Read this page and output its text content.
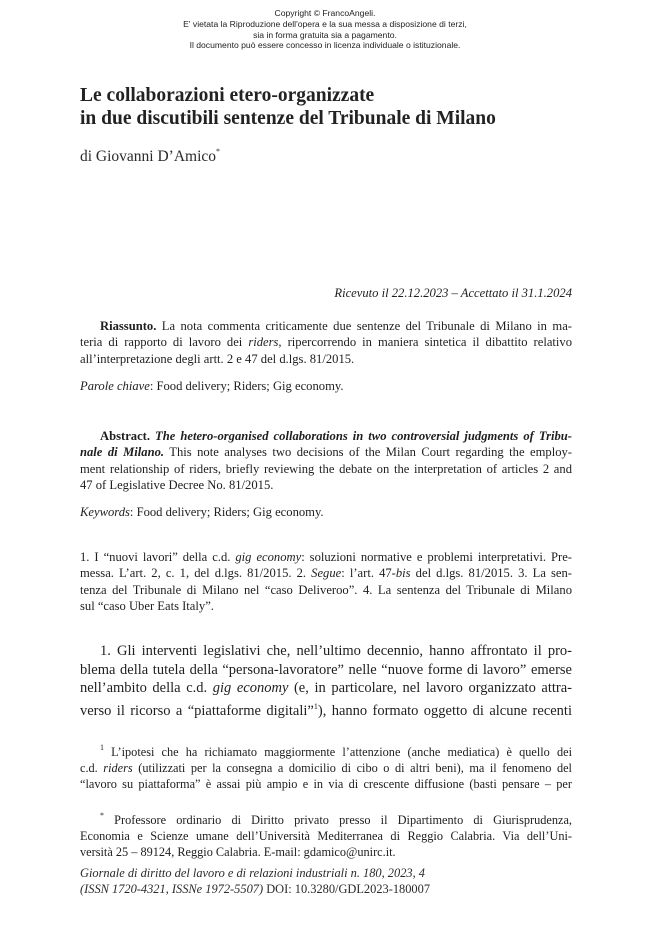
Copyright © FrancoAngeli.
E' vietata la Riproduzione dell'opera e la sua messa a disposizione di terzi,
sia in forma gratuita sia a pagamento.
Il documento può essere concesso in licenza individuale o istituzionale.
Le collaborazioni etero-organizzate
in due discutibili sentenze del Tribunale di Milano
di Giovanni D’Amico*
Ricevuto il 22.12.2023 – Accettato il 31.1.2024
Riassunto. La nota commenta criticamente due sentenze del Tribunale di Milano in ma-
teria di rapporto di lavoro dei riders, ripercorrendo in maniera sintetica il dibattito relativo
all’interpretazione degli artt. 2 e 47 del d.lgs. 81/2015.
Parole chiave: Food delivery; Riders; Gig economy.
Abstract. The hetero-organised collaborations in two controversial judgments of Tribu-
nale di Milano. This note analyses two decisions of the Milan Court regarding the employ-
ment relationship of riders, briefly reviewing the debate on the interpretation of articles 2 and
47 of Legislative Decree No. 81/2015.
Keywords: Food delivery; Riders; Gig economy.
1. I “nuovi lavori” della c.d. gig economy: soluzioni normative e problemi interpretativi. Pre-
messa. L’art. 2, c. 1, del d.lgs. 81/2015. 2. Segue: l’art. 47-bis del d.lgs. 81/2015. 3. La sen-
tenza del Tribunale di Milano nel “caso Deliveroo”. 4. La sentenza del Tribunale di Milano
sul “caso Uber Eats Italy”.
1. Gli interventi legislativi che, nell’ultimo decennio, hanno affrontato il pro-
blema della tutela della “persona-lavoratore” nelle “nuove forme di lavoro” emerse
nell’ambito della c.d. gig economy (e, in particolare, nel lavoro organizzato attra-
verso il ricorso a “piattaforme digitali”$^1$), hanno formato oggetto di alcune recenti
$^1$ L’ipotesi che ha richiamato maggiormente l’attenzione (anche mediatica) è quello dei
c.d. riders (utilizzati per la consegna a domicilio di cibo o di altri beni), ma il fenomeno del
“lavoro su piattaforma” è assai più ampio e in via di crescente diffusione (basti pensare – per
* Professore ordinario di Diritto privato presso il Dipartimento di Giurisprudenza,
Economia e Scienze umane dell’Università Mediterranea di Reggio Calabria. Via dell’Uni-
versità 25 – 89124, Reggio Calabria. E-mail: gdamico@unirc.it.
Giornale di diritto del lavoro e di relazioni industriali n. 180, 2023, 4
(ISSN 1720-4321, ISSNe 1972-5507) DOI: 10.3280/GDL2023-180007
